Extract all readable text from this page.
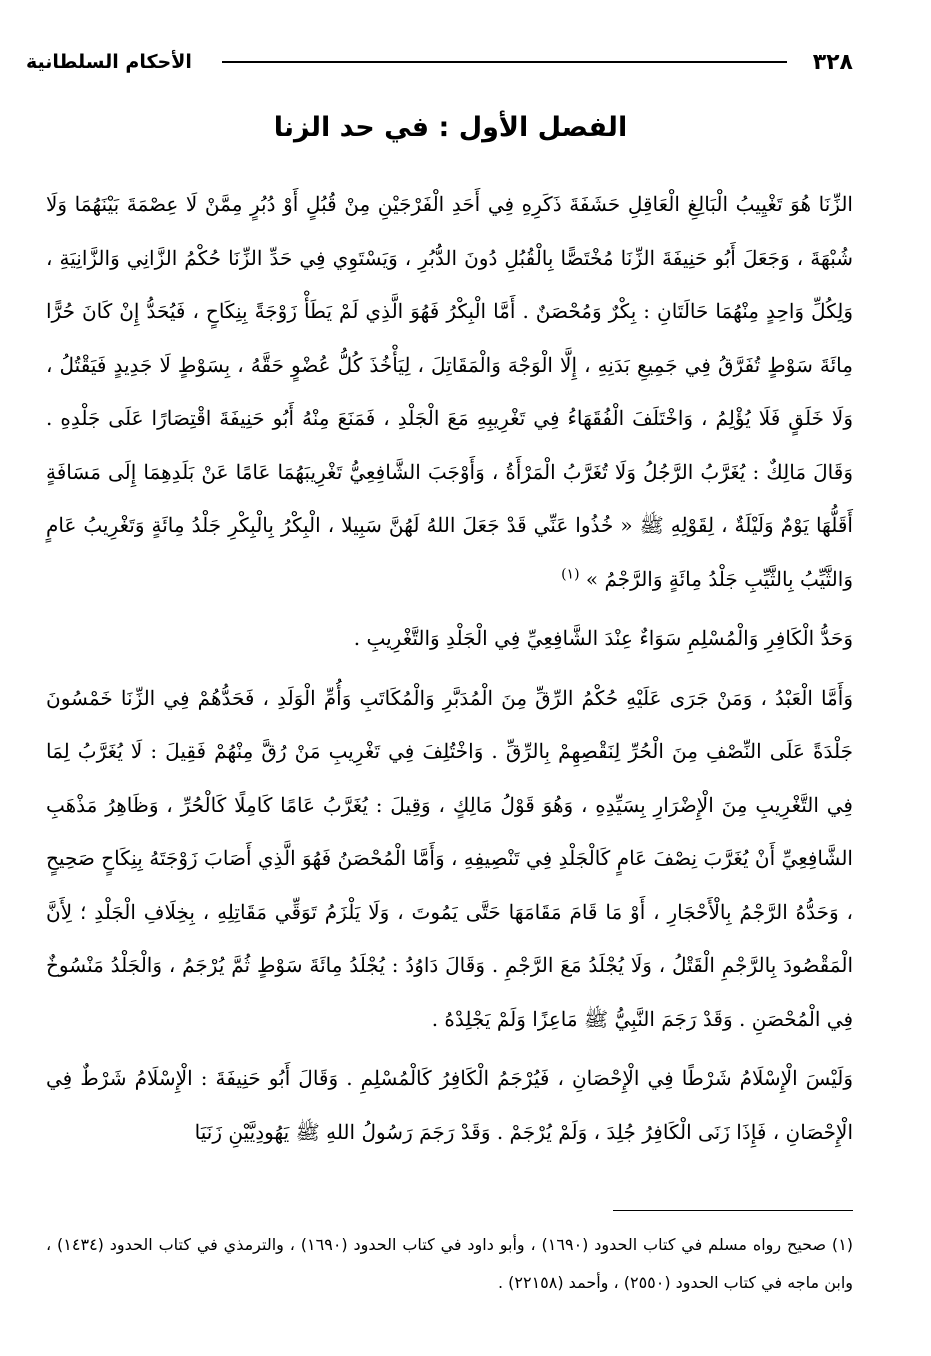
٣٢٨
الأحكام السلطانية
الفصل الأول : في حد الزنا

الزِّنَا هُوَ تَغْيِيبُ الْبَالِغِ الْعَاقِلِ حَشَفَةَ ذَكَرِهِ فِي أَحَدِ الْفَرْجَيْنِ مِنْ قُبُلٍ أَوْ دُبُرٍ مِمَّنْ لَا عِصْمَةَ بَيْنَهُمَا وَلَا شُبْهَةَ ، وَجَعَلَ أَبُو حَنِيفَةَ الزِّنَا مُخْتَصًّا بِالْقُبُلِ دُونَ الدُّبُرِ ، وَيَسْتَوِي فِي حَدِّ الزِّنَا حُكْمُ الزَّانِي وَالزَّانِيَةِ ، وَلِكُلِّ وَاحِدٍ مِنْهُمَا حَالَتَانِ : بِكْرٌ وَمُحْصَنٌ . أَمَّا الْبِكْرُ فَهُوَ الَّذِي لَمْ يَطَأْ زَوْجَةً بِنِكَاحٍ ، فَيُحَدُّ إِنْ كَانَ حُرًّا مِائَةَ سَوْطٍ تُفَرَّقُ فِي جَمِيعِ بَدَنِهِ ، إِلَّا الْوَجْهَ وَالْمَقَاتِلَ ، لِيَأْخُذَ كُلُّ عُضْوٍ حَقَّهُ ، بِسَوْطٍ لَا جَدِيدٍ فَيَقْتُلُ ، وَلَا خَلَقٍ فَلَا يُؤْلِمُ ، وَاخْتَلَفَ الْفُقَهَاءُ فِي تَغْرِيبِهِ مَعَ الْجَلْدِ ، فَمَنَعَ مِنْهُ أَبُو حَنِيفَةَ اقْتِصَارًا عَلَى جَلْدِهِ . وَقَالَ مَالِكٌ : يُغَرَّبُ الرَّجُلُ وَلَا تُغَرَّبُ الْمَرْأَةُ ، وَأَوْجَبَ الشَّافِعِيُّ تَغْرِيبَهُمَا عَامًا عَنْ بَلَدِهِمَا إِلَى مَسَافَةٍ أَقَلُّهَا يَوْمٌ وَلَيْلَةٌ ، لِقَوْلِهِ ﷺ « خُذُوا عَنِّي قَدْ جَعَلَ اللهُ لَهُنَّ سَبِيلا ، الْبِكْرُ بِالْبِكْرِ جَلْدُ مِائَةٍ وَتَغْرِيبُ عَامٍ وَالثَّيِّبُ بِالثَّيِّبِ جَلْدُ مِائَةٍ وَالرَّجْمُ » $^{(١)}$

وَحَدُّ الْكَافِرِ وَالْمُسْلِمِ سَوَاءٌ عِنْدَ الشَّافِعِيِّ فِي الْجَلْدِ وَالتَّغْرِيبِ .

وَأَمَّا الْعَبْدُ ، وَمَنْ جَرَى عَلَيْهِ حُكْمُ الرِّقِّ مِنَ الْمُدَبَّرِ وَالْمُكَاتَبِ وَأُمِّ الْوَلَدِ ، فَحَدُّهُمْ فِي الزِّنَا خَمْسُونَ جَلْدَةً عَلَى النِّصْفِ مِنَ الْحُرِّ لِنَقْصِهِمْ بِالرِّقِّ . وَاخْتُلِفَ فِي تَغْرِيبِ مَنْ رُقَّ مِنْهُمْ فَقِيلَ : لَا يُغَرَّبُ لِمَا فِي التَّغْرِيبِ مِنَ الْإِضْرَارِ بِسَيِّدِهِ ، وَهُوَ قَوْلُ مَالِكٍ ، وَقِيلَ : يُغَرَّبُ عَامًا كَامِلًا كَالْحُرِّ ، وَظَاهِرُ مَذْهَبِ الشَّافِعِيِّ أَنْ يُغَرَّبَ نِصْفَ عَامٍ كَالْجَلْدِ فِي تَنْصِيفِهِ ، وَأَمَّا الْمُحْصَنُ فَهُوَ الَّذِي أَصَابَ زَوْجَتَهُ بِنِكَاحٍ صَحِيحٍ ، وَحَدُّهُ الرَّجْمُ بِالْأَحْجَارِ ، أَوْ مَا قَامَ مَقَامَهَا حَتَّى يَمُوتَ ، وَلَا يَلْزَمُ تَوَقِّي مَقَاتِلِهِ ، بِخِلَافِ الْجَلْدِ ؛ لِأَنَّ الْمَقْصُودَ بِالرَّجْمِ الْقَتْلُ ، وَلَا يُجْلَدُ مَعَ الرَّجْمِ . وَقَالَ دَاوُدُ : يُجْلَدُ مِائَةَ سَوْطٍ ثُمَّ يُرْجَمُ ، وَالْجَلْدُ مَنْسُوخٌ فِي الْمُحْصَنِ . وَقَدْ رَجَمَ النَّبِيُّ ﷺ مَاعِزًا وَلَمْ يَجْلِدْهُ .

وَلَيْسَ الْإِسْلَامُ شَرْطًا فِي الْإِحْصَانِ ، فَيُرْجَمُ الْكَافِرُ كَالْمُسْلِمِ . وَقَالَ أَبُو حَنِيفَةَ : الْإِسْلَامُ شَرْطٌ فِي الْإِحْصَانِ ، فَإِذَا زَنَى الْكَافِرُ جُلِدَ ، وَلَمْ يُرْجَمْ . وَقَدْ رَجَمَ رَسُولُ اللهِ ﷺ يَهُودِيَّيْنِ زَنَيَا

(١) صحيح رواه مسلم في كتاب الحدود (١٦٩٠) ، وأبو داود في كتاب الحدود (١٦٩٠) ، والترمذي في كتاب الحدود (١٤٣٤) ، وابن ماجه في كتاب الحدود (٢٥٥٠) ، وأحمد (٢٢١٥٨) .
